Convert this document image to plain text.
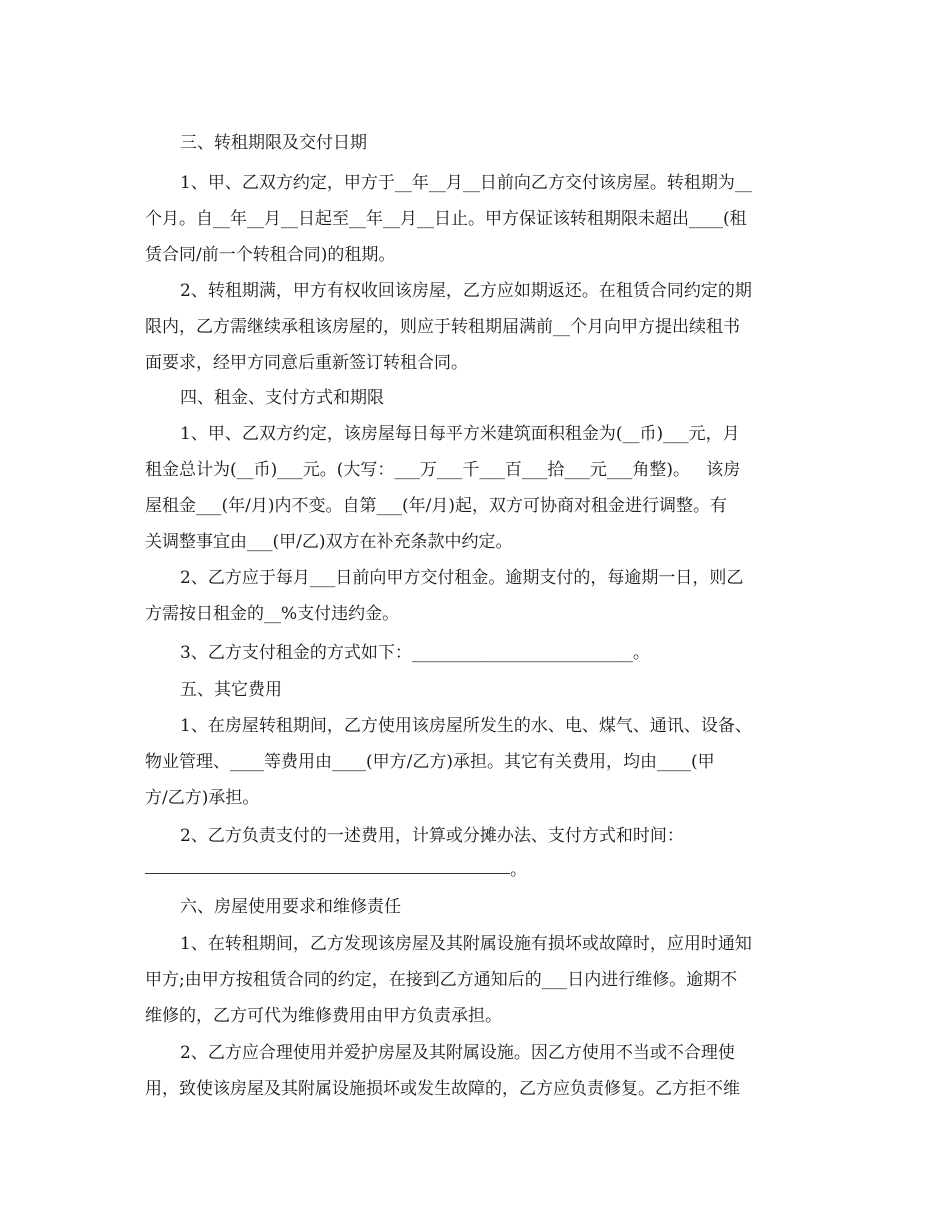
三、转租期限及交付日期
1、甲、乙双方约定，甲方于__年__月__日前向乙方交付该房屋。转租期为__
个月。自__年__月__日起至__年__月__日止。甲方保证该转租期限未超出____(租
赁合同/前一个转租合同)的租期。
2、转租期满，甲方有权收回该房屋，乙方应如期返还。在租赁合同约定的期
限内，乙方需继续承租该房屋的，则应于转租期届满前__个月向甲方提出续租书
面要求，经甲方同意后重新签订转租合同。
四、租金、支付方式和期限
1、甲、乙双方约定，该房屋每日每平方米建筑面积租金为(__币)___元，月
租金总计为(__币)___元。(大写：___万___千___百___拾___元___角整)。   该房
屋租金___(年/月)内不变。自第___(年/月)起，双方可协商对租金进行调整。有
关调整事宜由___(甲/乙)双方在补充条款中约定。
2、乙方应于每月___日前向甲方交付租金。逾期支付的，每逾期一日，则乙
方需按日租金的__%支付违约金。
3、乙方支付租金的方式如下：__________________________。
五、其它费用
1、在房屋转租期间，乙方使用该房屋所发生的水、电、煤气、通讯、设备、
物业管理、____等费用由____(甲方/乙方)承担。其它有关费用，均由____(甲
方/乙方)承担。
2、乙方负责支付的一述费用，计算或分摊办法、支付方式和时间：
。
六、房屋使用要求和维修责任
1、在转租期间，乙方发现该房屋及其附属设施有损坏或故障时，应用时通知
甲方;由甲方按租赁合同的约定，在接到乙方通知后的___日内进行维修。逾期不
维修的，乙方可代为维修费用由甲方负责承担。
2、乙方应合理使用并爱护房屋及其附属设施。因乙方使用不当或不合理使
用，致使该房屋及其附属设施损坏或发生故障的，乙方应负责修复。乙方拒不维
